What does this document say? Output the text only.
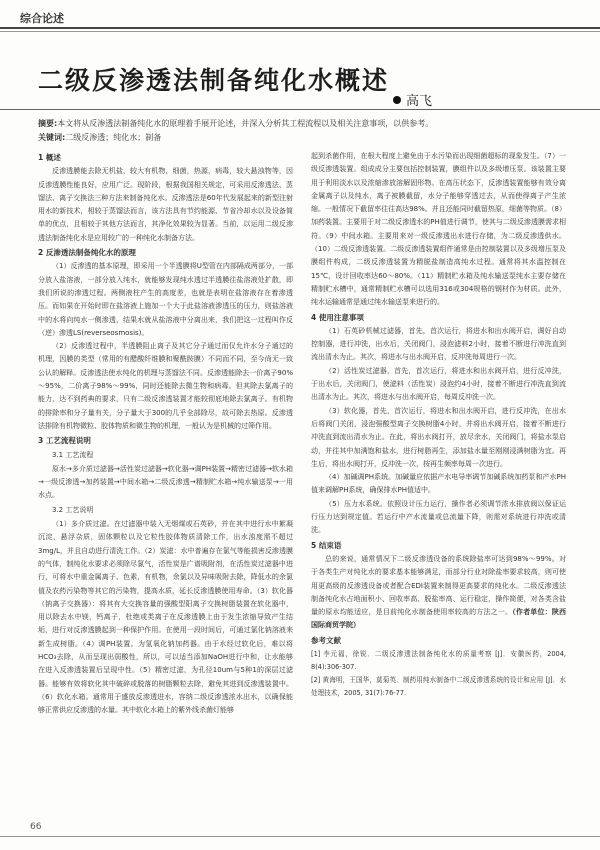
综合论述
二级反渗透法制备纯化水概述
高飞
摘要:本文将从反渗透法制备纯化水的原理着手展开论述，并深入分析其工程流程以及相关注意事项，以供参考。
关键词:二级反渗透；纯化水；制备

1 概述

反渗透膜能去除无机盐，较大有机物，细菌，热源，病毒，较大悬浊物等，因反渗透膜性能良好，应用广泛。现阶段，根据我国相关规定，可采用反渗透法、蒸馏法、离子交换法三种方法来制备纯化水。反渗透法是60年代发展起来的新型注射用水的新技术，相较于蒸馏法而言，该方法具有节约能源、节省冷却水以及设备简单的优点，且相较于其他方法而言，其净化效果较为显著。当前，以运用二级反渗透法制备纯化水是应用较广的一种纯化水制备方法。

2 反渗透法制备纯化水的原理

（1）反渗透的基本原理，即采用一个半透膜将U型管在内部隔成两部分，一部分放入盐溶液，一部分放入纯水，就能够发现纯水透过半透膜往盐溶液处扩散，即我们所说的渗透过程。两侧液柱产生的高度差，也就是表明在盐溶液存在着渗透压。而如果在开始时即在盐溶液上施加一个大于此盐溶液渗透压的压力，则盐溶液中的水将向纯水一侧渗透，结果水就从盐溶液中分离出来，我们把这一过程叫作反（逆）渗透LS(reverseosmosis)。

（2）反渗透过程中，半透膜阻止离子及其它分子通过而仅允许水分子通过的机理，因膜的类型（常用的有醋酸纤维膜和聚酰胺膜）不同而不同，至今尚无一致公认的解释。反渗透法使水纯化的机理与蒸馏法不同。反渗透能除去一价离子90%～95%，二价离子98%～99%，同时还能除去微生物和病毒。但其除去氯离子的能力，达不到药典的要求，只有二级反渗透装置才能较彻底地除去氯离子。有机物的排除率和分子量有关，分子量大于300的几乎全部除尽，故可除去热原。反渗透法排除有机物微粒、胶体物质和微生物的机理，一般认为是机械的过筛作用。

3 工艺流程说明

3.1 工艺流程

原水→多介质过滤器→活性炭过滤器→软化器→调PH装置→精密过滤器→软水箱→一级反渗透→加药装置→中间水箱→二级反渗透→精制贮水箱→纯水输送泵→一用水点。

3.2 工艺说明

（1）多介质过滤。在过滤器中装入无烟煤或石英砂，并在其中进行水中絮凝沉淀，悬浮杂质，固体颗粒以及它粒性胶体物质清除工作，出水浊度需不超过3mg/L，并且自动进行清洗工作。（2）炭滤：水中普遍存在氯气等能损害反渗透膜的气体，制纯化水要求必须除尽氯气，活性炭是广谱吸附剂，在活性炭过滤器中进行，可将水中重金属离子、色素，有机物，余氯以及异味吸附去除，降低水的余氯值及农药污染物等其它的污染物，提高水质，延长反渗透膜使用寿命。（3）软化器（钠离子交换器）：将其有大交换容量的强酸型阳离子交换树脂装置在软化器中，用以除去水中镁，钙离子，杜绝或类离子在反渗透膜上由于发生浓缩导致产生结垢，进行对反渗透膜起到一种保护作用。在使用一段时间后，可通过氯化钠溶液来新生成树脂。（4）调PH装置。为氢氧化钠加药器。由于水经过软化后，难以将HCO₃去除，从而呈现出弱酸性，所以，可以适当添加NaOH进行中和，让水能够在进入反渗透装置后呈现中性。（5）精密过滤，为孔径10um与5种1的深层过滤器。能够有效将软化其中破碎或脱落的树脂颗粒去除，避免其进到反渗透装置中。（6）软化水箱。通常用于盛放反渗透进水，容纳二级反渗透浓水出水，以确保能够正常供应反渗透的水量。其中软化水箱上的紫外线杀菌灯能够

起到杀菌作用，在根大程度上避免由于水污染而出现细菌超标的现象发生。（7）一级反渗透装置。组成成分主要包括控制装置，膜组件以及多级增压泵。该装置主要用于利用淡水以及浓缩渗放溶解固形物。在高压状态下，反渗透装置能够有效分离金属离子以及纯水，离子被膜截留，水分子能够穿透过去，从而使得离子产生浓缩。一般情况下截留率往往高达98%。并且还能同时截留热原，细菌等物质。（8）加药装置。主要用于对二级反渗透水的PH值进行调节，使其与二级反渗透膜需求相符。（9）中间水箱。主要用来对一级反渗透出水进行存储，为二级反渗透供水。（10）二级反渗透装置。二级反渗透装置组件通常是由控制装置以及多级增压泵及膜组件构成，二级反渗透装置为精脱盐制造高纯水过程。通常将其水温控制在15℃，设计回收率达60～80%。（11）精制贮水箱及纯水输送泵纯水主要存储在精制贮水槽中，通常精制贮水槽可以选用316或304规格的钢材作为材质。此外，纯水运输通常是通过纯水输送泵来进行的。

4 使用注意事项

（1）石英砂机械过滤器，首先，首次运行，将进水和出水阀开启，调好自动控制器，进行冲洗，出水后，关闭阀门，浸泡滤料2小时，接着不断进行冲洗直到流出清水为止。其次，将进水与出水阀开启，反冲洗每周进行一次。

（2）活性炭过滤器，首先，首次运行，将进水和出水阀开启，进行反冲洗，于出水后，关闭阀门，使滤料（活性炭）浸泡约4小时，接着不断进行冲洗直到流出清水为止。其次，将进水与出水阀开启，每周反冲洗一次。

（3）软化器，首先，首次运行，将进水和出水阀开启，进行反冲洗，在出水后将阀门关闭，浸泡强酸型离子交换树脂4小时，并将出水阀开启，接着不断进行冲洗直到流出清水为止。在此，将出水阀打开，放尽余水，关闭阀门，将盐水泵启动，并往其中加满饱和盐水，进行树脂再生，添加盐水量至刚刚浸满树脂为宜。再生后，将出水阀打开，反冲洗一次，按再生频率每周一次进行。

（4）加碱调PH系统。加碱量应依据产水电导率调节加碱系统加药泵和产水PH值来调解PH系统，确保排水PH值适中。

（5）压力水系统。依照设计压力运行，操作者必须调节浓水排放阀以保证运行压力达到规定值。若运行中产水流量或总流量下降，则需对系统进行冲洗或清洗。

5 结束语

总的来说，通常情况下二级反渗透设备的系统除盐率可达到98%～99%。对于各类生产对纯化水的要求基本能够满足，而部分行业对除盐率要求较高，则可使用更高级的反渗透设备或者配合EDI装置来制得更高要求的纯化水。二级反渗透法制备纯化水占地面积小、回收率高、脱盐率高、运行稳定，操作简便，对各类含盐量的原水均能适应，是目前纯化水制备使用率较高的方法之一。（作者单位：陕西国际商贸学院）

参考文献

[1] 李元福，徐锐．二级反渗透法制备纯化水的质量考察 [J]．安徽医药，2004, 8(4):306-307.

[2] 黄海明，王国华，莫菊英．制药用纯水制备中二级反渗透系统的设计和应用 [J]．水处理技术，2005, 31(7):76-77.

66
